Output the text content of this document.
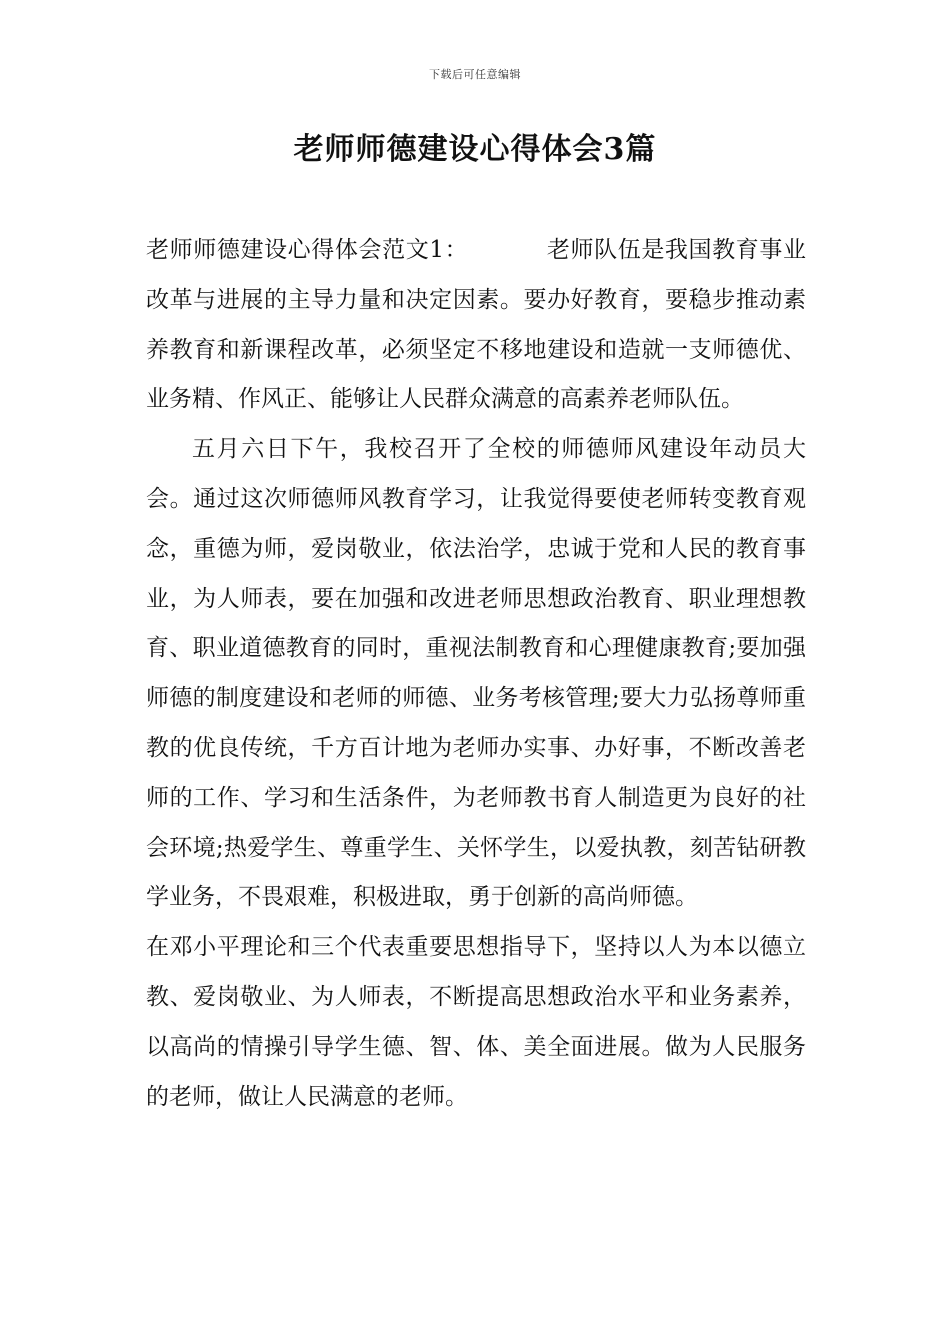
下载后可任意编辑
老师师德建设心得体会3篇

老师师德建设心得体会范文1：	老师队伍是我国教育事业改革与进展的主导力量和决定因素。要办好教育，要稳步推动素养教育和新课程改革，必须坚定不移地建设和造就一支师德优、业务精、作风正、能够让人民群众满意的高素养老师队伍。

五月六日下午，我校召开了全校的师德师风建设年动员大会。通过这次师德师风教育学习，让我觉得要使老师转变教育观念，重德为师，爱岗敬业，依法治学，忠诚于党和人民的教育事业，为人师表，要在加强和改进老师思想政治教育、职业理想教育、职业道德教育的同时，重视法制教育和心理健康教育;要加强师德的制度建设和老师的师德、业务考核管理;要大力弘扬尊师重教的优良传统，千方百计地为老师办实事、办好事，不断改善老师的工作、学习和生活条件，为老师教书育人制造更为良好的社会环境;热爱学生、尊重学生、关怀学生，以爱执教，刻苦钻研教学业务，不畏艰难，积极进取，勇于创新的高尚师德。

在邓小平理论和三个代表重要思想指导下，坚持以人为本以德立教、爱岗敬业、为人师表，不断提高思想政治水平和业务素养，以高尚的情操引导学生德、智、体、美全面进展。做为人民服务的老师，做让人民满意的老师。
